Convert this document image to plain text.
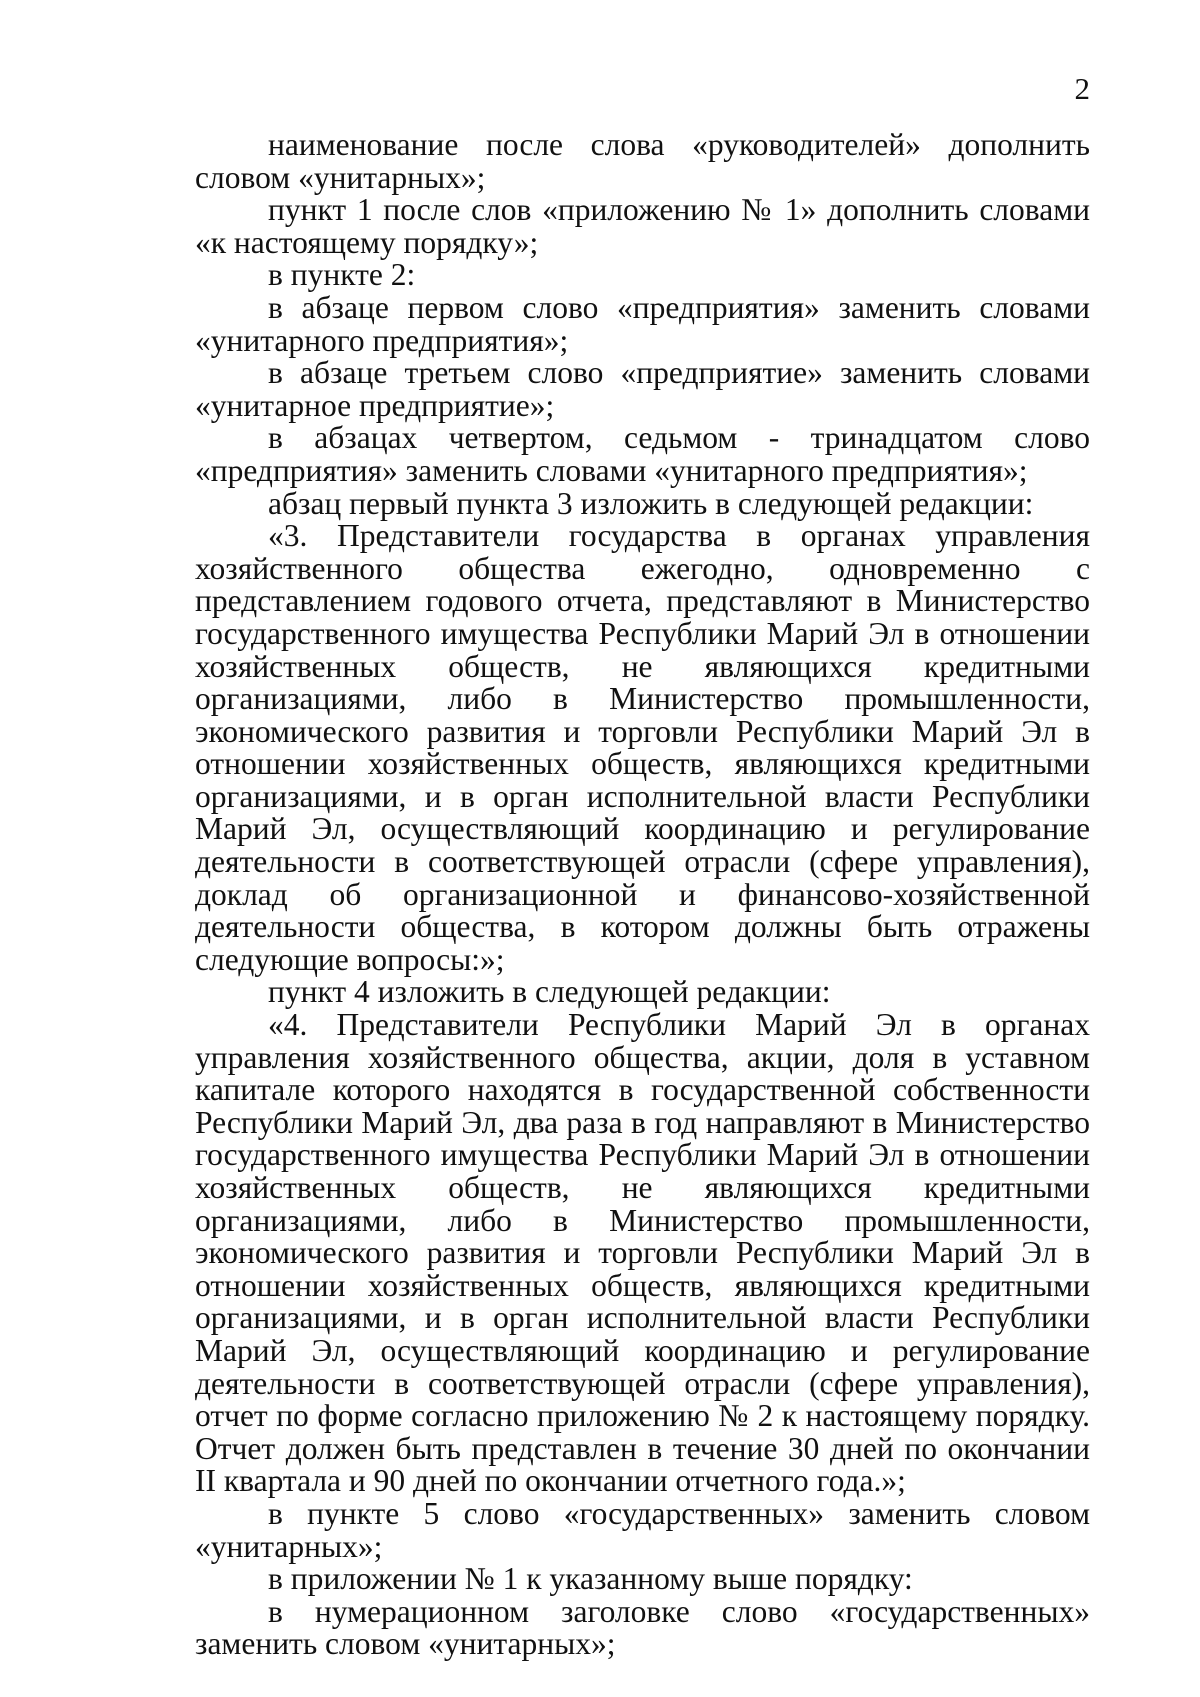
2

наименование после слова «руководителей» дополнить словом «унитарных»;

пункт 1 после слов «приложению № 1» дополнить словами «к настоящему порядку»;

в пункте 2:

в абзаце первом слово «предприятия» заменить словами «унитарного предприятия»;

в абзаце третьем слово «предприятие» заменить словами «унитарное предприятие»;

в абзацах четвертом, седьмом - тринадцатом слово «предприятия» заменить словами «унитарного предприятия»;

абзац первый пункта 3 изложить в следующей редакции:

«3. Представители государства в органах управления хозяйственного общества ежегодно, одновременно с представлением годового отчета, представляют в Министерство государственного имущества Республики Марий Эл в отношении хозяйственных обществ, не являющихся кредитными организациями, либо в Министерство промышленности, экономического развития и торговли Республики Марий Эл в отношении хозяйственных обществ, являющихся кредитными организациями, и в орган исполнительной власти Республики Марий Эл, осуществляющий координацию и регулирование деятельности в соответствующей отрасли (сфере управления), доклад об организационной и финансово-хозяйственной деятельности общества, в котором должны быть отражены следующие вопросы:»;

пункт 4 изложить в следующей редакции:

«4. Представители Республики Марий Эл в органах управления хозяйственного общества, акции, доля в уставном капитале которого находятся в государственной собственности Республики Марий Эл, два раза в год направляют в Министерство государственного имущества Республики Марий Эл в отношении хозяйственных обществ, не являющихся кредитными организациями, либо в Министерство промышленности, экономического развития и торговли Республики Марий Эл в отношении хозяйственных обществ, являющихся кредитными организациями, и в орган исполнительной власти Республики Марий Эл, осуществляющий координацию и регулирование деятельности в соответствующей отрасли (сфере управления), отчет по форме согласно приложению № 2 к настоящему порядку. Отчет должен быть представлен в течение 30 дней по окончании II квартала и 90 дней по окончании отчетного года.»;

в пункте 5 слово «государственных» заменить словом «унитарных»;

в приложении № 1 к указанному выше порядку:

в нумерационном заголовке слово «государственных» заменить словом «унитарных»;
